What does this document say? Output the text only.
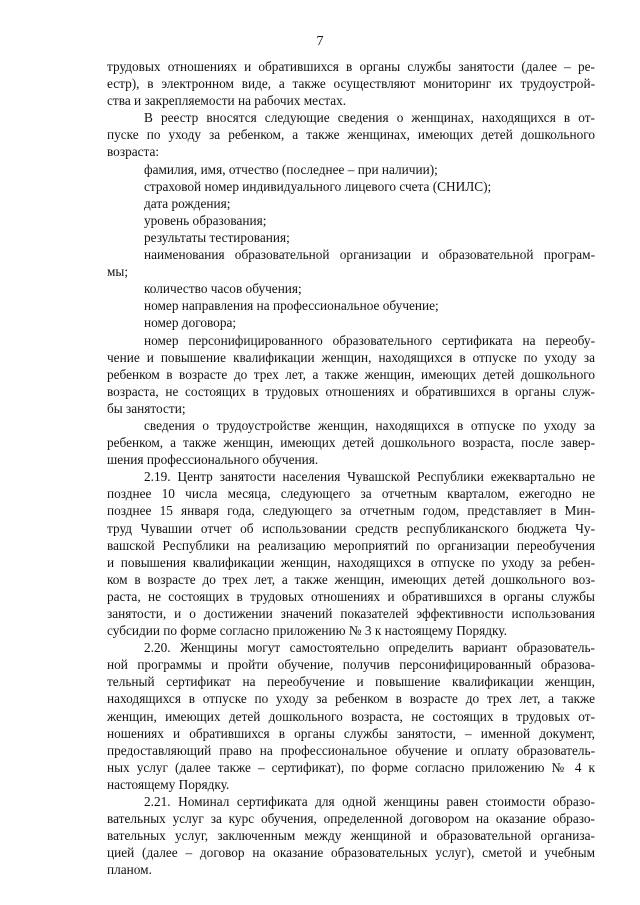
7
трудовых отношениях и обратившихся в органы службы занятости (далее – ре-
естр), в электронном виде, а также осуществляют мониторинг их трудоустрой-
ства и закрепляемости на рабочих местах.
В реестр вносятся следующие сведения о женщинах, находящихся в от-
пуске по уходу за ребенком, а также женщинах, имеющих детей дошкольного
возраста:
фамилия, имя, отчество (последнее – при наличии);
страховой номер индивидуального лицевого счета (СНИЛС);
дата рождения;
уровень образования;
результаты тестирования;
наименования образовательной организации и образовательной програм-
мы;
количество часов обучения;
номер направления на профессиональное обучение;
номер договора;
номер персонифицированного образовательного сертификата на переобу-
чение и повышение квалификации женщин, находящихся в отпуске по уходу за
ребенком в возрасте до трех лет, а также женщин, имеющих детей дошкольного
возраста, не состоящих в трудовых отношениях и обратившихся в органы служ-
бы занятости;
сведения о трудоустройстве женщин, находящихся в отпуске по уходу за
ребенком, а также женщин, имеющих детей дошкольного возраста, после завер-
шения профессионального обучения.
2.19. Центр занятости населения Чувашской Республики ежеквартально не
позднее 10 числа месяца, следующего за отчетным кварталом, ежегодно не
позднее 15 января года, следующего за отчетным годом, представляет в Мин-
труд Чувашии отчет об использовании средств республиканского бюджета Чу-
вашской Республики на реализацию мероприятий по организации переобучения
и повышения квалификации женщин, находящихся в отпуске по уходу за ребен-
ком в возрасте до трех лет, а также женщин, имеющих детей дошкольного воз-
раста, не состоящих в трудовых отношениях и обратившихся в органы службы
занятости, и о достижении значений показателей эффективности использования
субсидии по форме согласно приложению № 3 к настоящему Порядку.
2.20. Женщины могут самостоятельно определить вариант образователь-
ной программы и пройти обучение, получив персонифицированный образова-
тельный сертификат на переобучение и повышение квалификации женщин,
находящихся в отпуске по уходу за ребенком в возрасте до трех лет, а также
женщин, имеющих детей дошкольного возраста, не состоящих в трудовых от-
ношениях и обратившихся в органы службы занятости, – именной документ,
предоставляющий право на профессиональное обучение и оплату образователь-
ных услуг (далее также – сертификат), по форме согласно приложению № 4 к
настоящему Порядку.
2.21. Номинал сертификата для одной женщины равен стоимости образо-
вательных услуг за курс обучения, определенной договором на оказание образо-
вательных услуг, заключенным между женщиной и образовательной организа-
цией (далее – договор на оказание образовательных услуг), сметой и учебным
планом.
